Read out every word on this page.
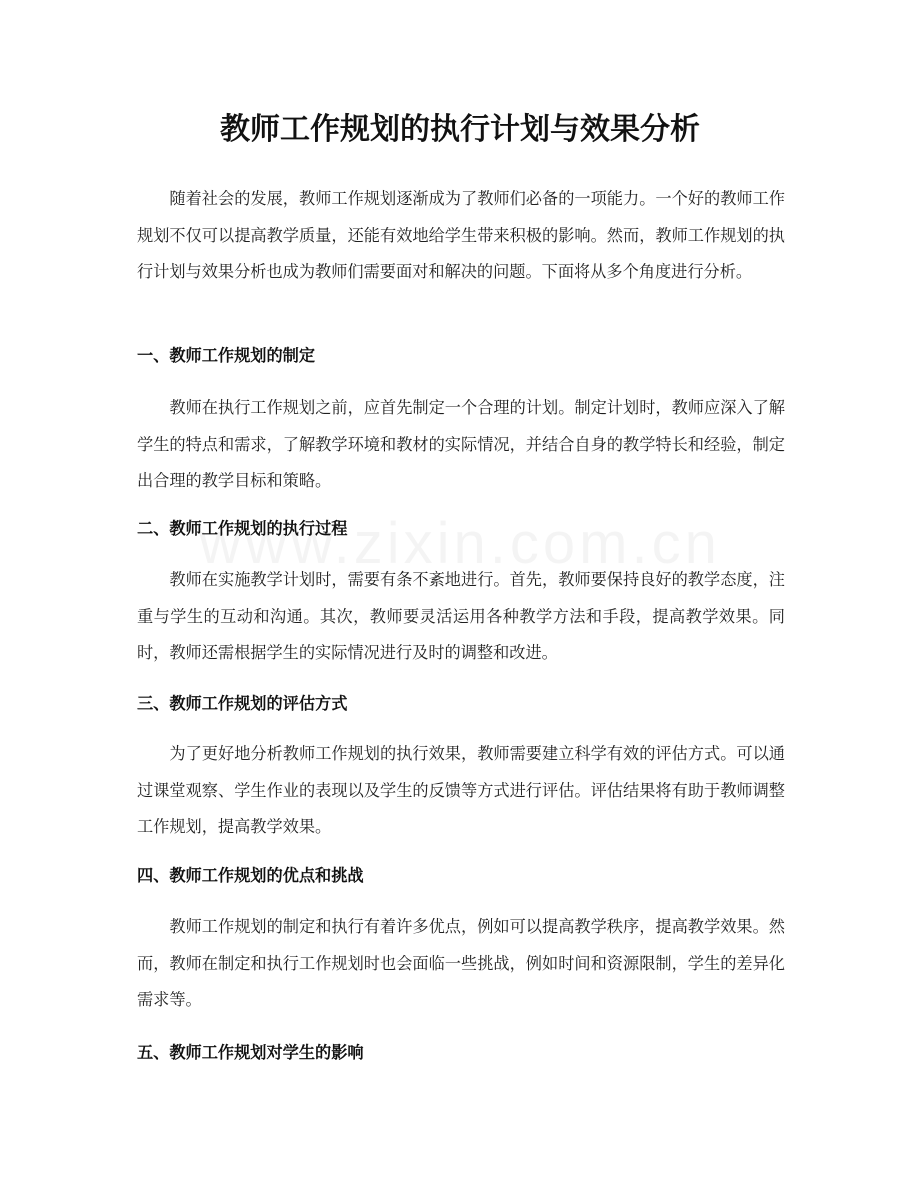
教师工作规划的执行计划与效果分析

随着社会的发展，教师工作规划逐渐成为了教师们必备的一项能力。一个好的教师工作规划不仅可以提高教学质量，还能有效地给学生带来积极的影响。然而，教师工作规划的执行计划与效果分析也成为教师们需要面对和解决的问题。下面将从多个角度进行分析。

一、教师工作规划的制定

教师在执行工作规划之前，应首先制定一个合理的计划。制定计划时，教师应深入了解学生的特点和需求，了解教学环境和教材的实际情况，并结合自身的教学特长和经验，制定出合理的教学目标和策略。

二、教师工作规划的执行过程

教师在实施教学计划时，需要有条不紊地进行。首先，教师要保持良好的教学态度，注重与学生的互动和沟通。其次，教师要灵活运用各种教学方法和手段，提高教学效果。同时，教师还需根据学生的实际情况进行及时的调整和改进。

三、教师工作规划的评估方式

为了更好地分析教师工作规划的执行效果，教师需要建立科学有效的评估方式。可以通过课堂观察、学生作业的表现以及学生的反馈等方式进行评估。评估结果将有助于教师调整工作规划，提高教学效果。

四、教师工作规划的优点和挑战

教师工作规划的制定和执行有着许多优点，例如可以提高教学秩序，提高教学效果。然而，教师在制定和执行工作规划时也会面临一些挑战，例如时间和资源限制，学生的差异化需求等。

五、教师工作规划对学生的影响
